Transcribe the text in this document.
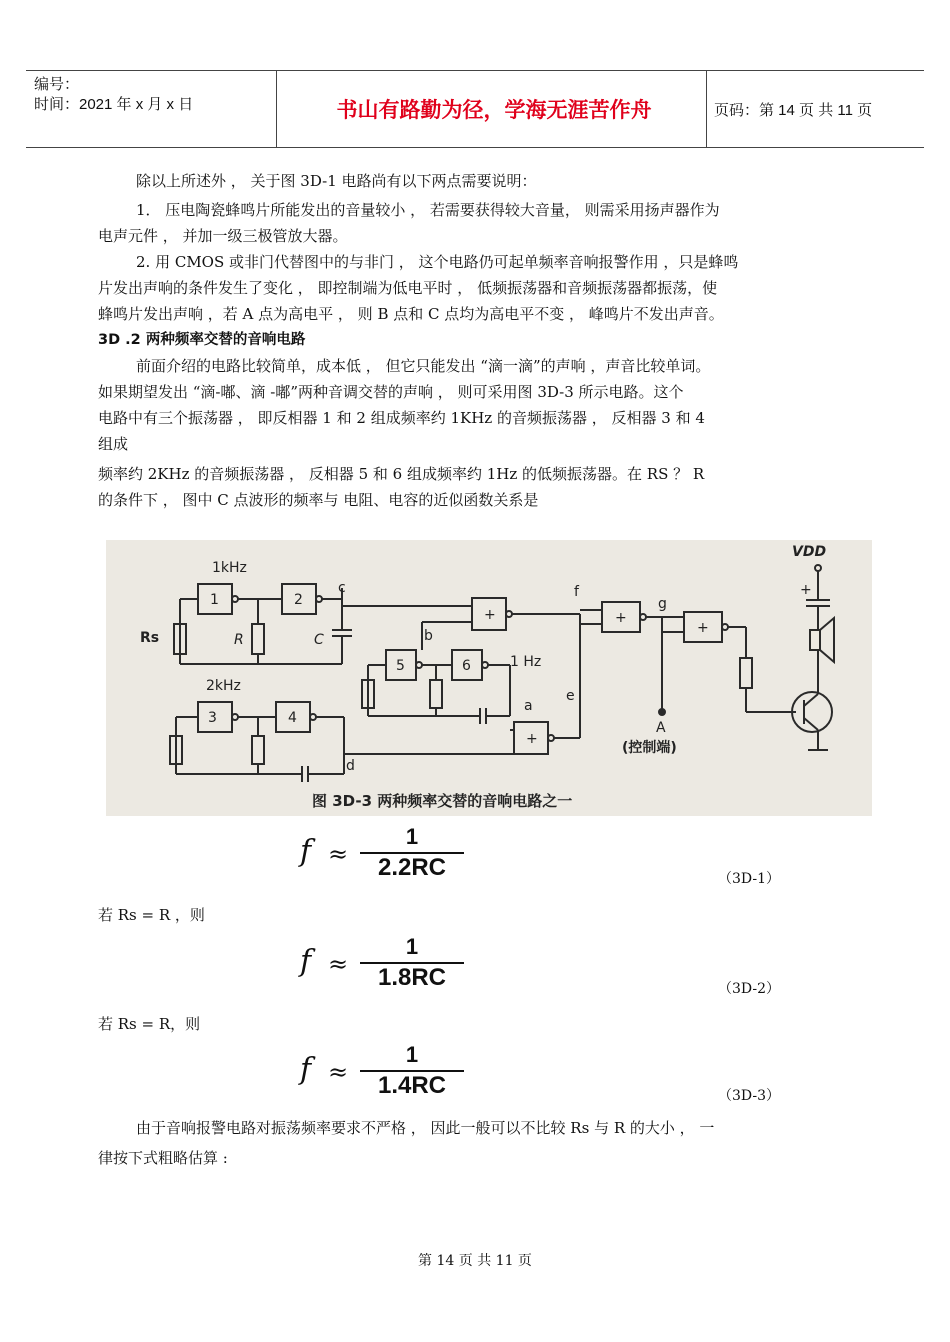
编号：
时间：2021 年 x 月 x 日	书山有路勤为径，学海无涯苦作舟	页码：第 14 页 共 11 页
除以上所述外 ， 关于图 3D-1 电路尚有以下两点需要说明：
1． 压电陶瓷蜂鸣片所能发出的音量较小 ， 若需要获得较大音量， 则需采用扬声器作为
电声元件 ， 并加一级三极管放大器。
2. 用 CMOS 或非门代替图中的与非门 ， 这个电路仍可起单频率音响报警作用 ，只是蜂鸣
片发出声响的条件发生了变化 ， 即控制端为低电平时 ， 低频振荡器和音频振荡器都振荡，使
蜂鸣片发出声响 ，若 A 点为高电平 ， 则 B 点和 C 点均为高电平不变 ， 峰鸣片不发出声音。
3D .2 两种频率交替的音响电路
前面介绍的电路比较简单，成本低 ， 但它只能发出 “滴一滴”的声响 ，声音比较单词。
如果期望发出 “滴-嘟、滴 -嘟”两种音调交替的声响 ， 则可采用图 3D-3 所示电路。这个
电路中有三个振荡器 ， 即反相器 1 和 2 组成频率约 1KHz 的音频振荡器 ， 反相器 3 和 4
组成
频率约 2KHz 的音频振荡器 ， 反相器 5 和 6 组成频率约 1Hz 的低频振荡器。在 RS ？ R
的条件下 ， 图中 C 点波形的频率与 电阻、电容的近似函数关系是
1kHz
2kHz
1 Hz
1	2
3	4
5	6
+
+
+
+
Rs	R	C
a
b
c
d
e
f
g
VDD
+
A
(控制端)
图 3D-3 两种频率交替的音响电路之一
f ≈
1
2.2RC	（3D-1）
若 Rs = R ，则
f ≈
1
1.8RC	（3D-2）
若 Rs = R，则
f ≈
1
1.4RC	（3D-3）
由于音响报警电路对振荡频率要求不严格 ， 因此一般可以不比较 Rs 与 R 的大小 ， 一
律按下式粗略估算 :
第 14 页 共 11 页
